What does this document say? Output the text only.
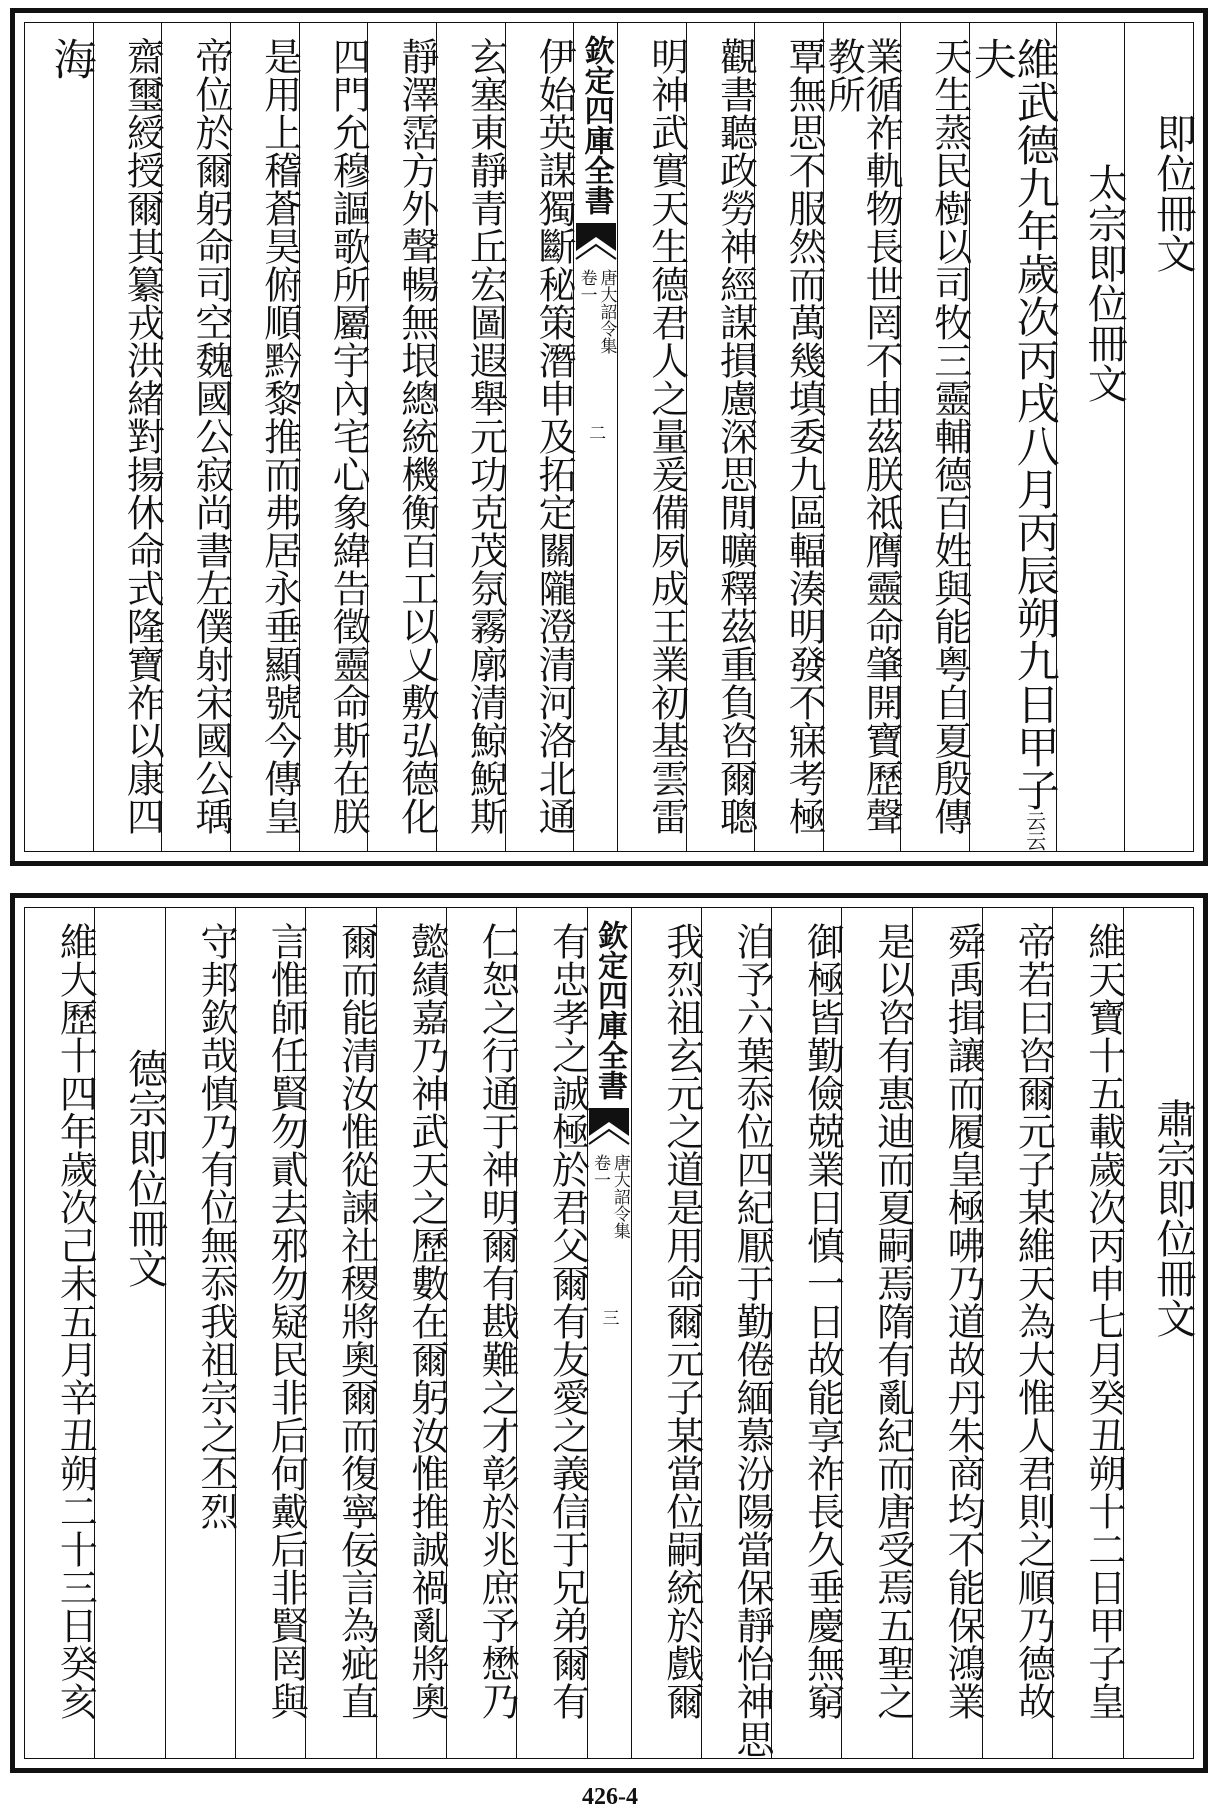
即位冊文
太宗即位冊文
維武德九年歲次丙戌八月丙辰朔九日甲子云云夫
天生蒸民樹以司牧三靈輔德百姓與能粤自夏殷傳
業循祚軌物長世罔不由茲朕祗膺靈命肇開寶歷聲教所
覃無思不服然而萬幾填委九區輻湊明發不寐考極
觀書聽政勞神經謀損慮深思閒曠釋茲重負咨爾聰
明神武實天生德君人之量爰備夙成王業初基雲雷
欽定四庫全書
唐大詔令集
卷一
二
伊始英謀獨斷秘策潛申及拓定關隴澄清河洛北通
玄塞東靜青丘宏圖遐舉元功克茂氛霧廓清鯨鯢斯
靜澤霑方外聲暢無垠總統機衡百工以乂敷弘德化
四門允穆謳歌所屬宇內宅心象緯告徵靈命斯在朕
是用上稽蒼昊俯順黔黎推而弗居永垂顯號今傳皇
帝位於爾躬命司空魏國公寂尚書左僕射宋國公瑀
齋璽綬授爾其纂戎洪緒對揚休命式隆寶祚以康四
海
肅宗即位冊文
維天寶十五載歲次丙申七月癸丑朔十二日甲子皇
帝若曰咨爾元子某維天為大惟人君則之順乃德故
舜禹揖讓而履皇極咈乃道故丹朱商均不能保鴻業
是以咨有惠迪而夏嗣焉隋有亂紀而唐受焉五聖之
御極皆勤儉兢業日慎一日故能享祚長久垂慶無窮
洎予六葉忝位四紀厭于勤倦緬慕汾陽當保靜怡神思
我烈祖玄元之道是用命爾元子某當位嗣統於戲爾
欽定四庫全書
唐大詔令集
卷一
三
有忠孝之誠極於君父爾有友愛之義信于兄弟爾有
仁恕之行通于神明爾有戡難之才彰於兆庶予懋乃
懿績嘉乃神武天之歷數在爾躬汝惟推誠禍亂將奧
爾而能清汝惟從諫社稷將奧爾而復寧佞言為疵直
言惟師任賢勿貳去邪勿疑民非后何戴后非賢罔與
守邦欽哉慎乃有位無忝我祖宗之丕烈
德宗即位冊文
維大歷十四年歲次己未五月辛丑朔二十三日癸亥
426-4
